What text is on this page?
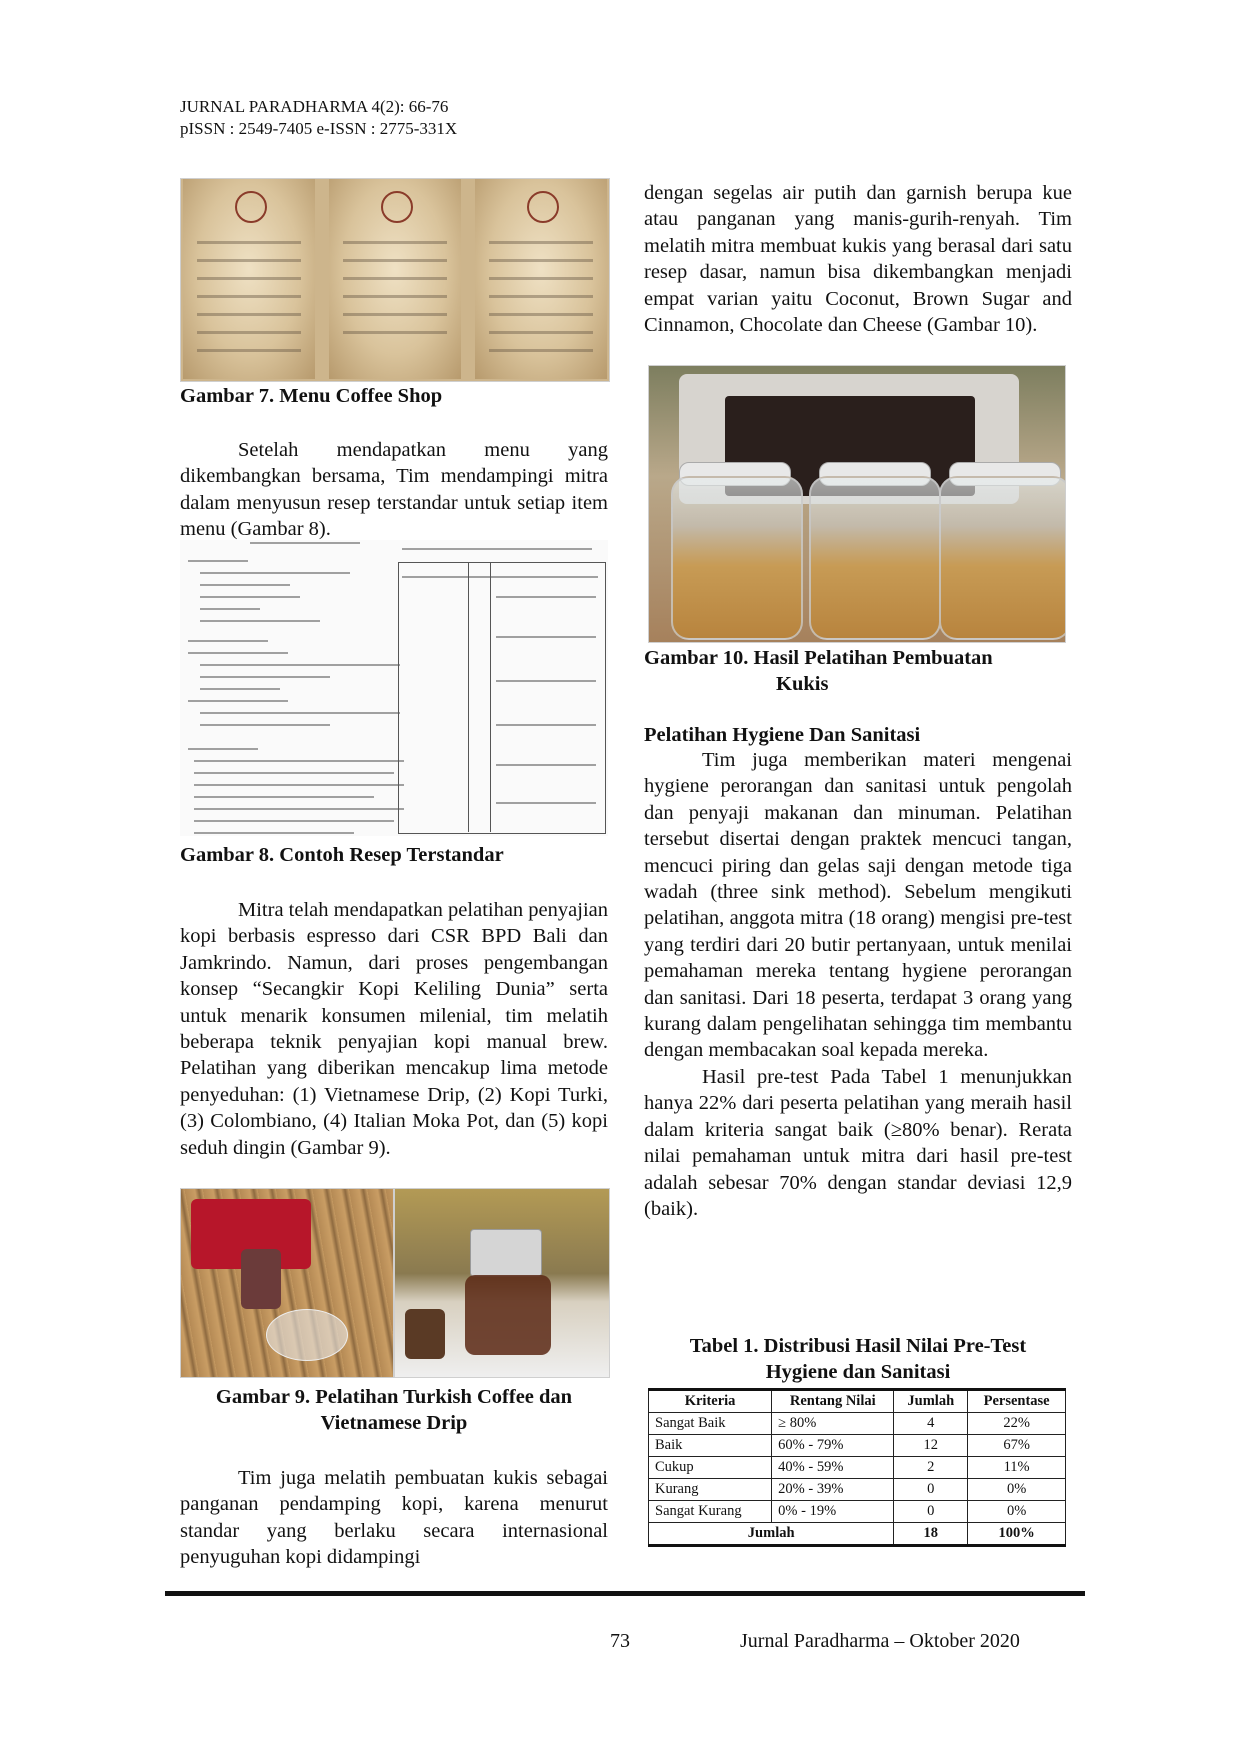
JURNAL PARADHARMA 4(2): 66-76
pISSN : 2549-7405 e-ISSN : 2775-331X
Gambar 7. Menu Coffee Shop

Setelah mendapatkan menu yang dikembangkan bersama, Tim mendampingi mitra dalam menyusun resep terstandar untuk setiap item menu (Gambar 8).

Gambar 8. Contoh Resep Terstandar

Mitra telah mendapatkan pelatihan penyajian kopi berbasis espresso dari CSR BPD Bali dan Jamkrindo. Namun, dari proses pengembangan konsep “Secangkir Kopi Keliling Dunia” serta untuk menarik konsumen milenial, tim melatih beberapa teknik penyajian kopi manual brew. Pelatihan yang diberikan mencakup lima metode penyeduhan: (1) Vietnamese Drip, (2) Kopi Turki, (3) Colombiano, (4) Italian Moka Pot, dan (5) kopi seduh dingin (Gambar 9).

Gambar 9. Pelatihan Turkish Coffee dan
Vietnamese Drip

Tim juga melatih pembuatan kukis sebagai panganan pendamping kopi, karena menurut standar yang berlaku secara internasional penyuguhan kopi didampingi

dengan segelas air putih dan garnish berupa kue atau panganan yang manis-gurih-renyah. Tim melatih mitra membuat kukis yang berasal dari satu resep dasar, namun bisa dikembangkan menjadi empat varian yaitu Coconut, Brown Sugar and Cinnamon, Chocolate dan Cheese (Gambar 10).

Gambar 10. Hasil Pelatihan Pembuatan
Kukis
Pelatihan Hygiene Dan Sanitasi

Tim juga memberikan materi mengenai hygiene perorangan dan sanitasi untuk pengolah dan penyaji makanan dan minuman. Pelatihan tersebut disertai dengan praktek mencuci tangan, mencuci piring dan gelas saji dengan metode tiga wadah (three sink method). Sebelum mengikuti pelatihan, anggota mitra (18 orang) mengisi pre-test yang terdiri dari 20 butir pertanyaan, untuk menilai pemahaman mereka tentang hygiene perorangan dan sanitasi. Dari 18 peserta, terdapat 3 orang yang kurang dalam pengelihatan sehingga tim membantu dengan membacakan soal kepada mereka.

Hasil pre-test Pada Tabel 1 menunjukkan hanya 22% dari peserta pelatihan yang meraih hasil dalam kriteria sangat baik (≥80% benar). Rerata nilai pemahaman untuk mitra dari hasil pre-test adalah sebesar 70% dengan standar deviasi 12,9 (baik).

Tabel 1. Distribusi Hasil Nilai Pre-Test
Hygiene dan Sanitasi
Kriteria	Rentang Nilai	Jumlah	Persentase
Sangat Baik	≥ 80%	4	22%
Baik	60% - 79%	12	67%
Cukup	40% - 59%	2	11%
Kurang	20% - 39%	0	0%
Sangat Kurang	0% - 19%	0	0%
Jumlah		18	100%
73	Jurnal Paradharma – Oktober 2020
